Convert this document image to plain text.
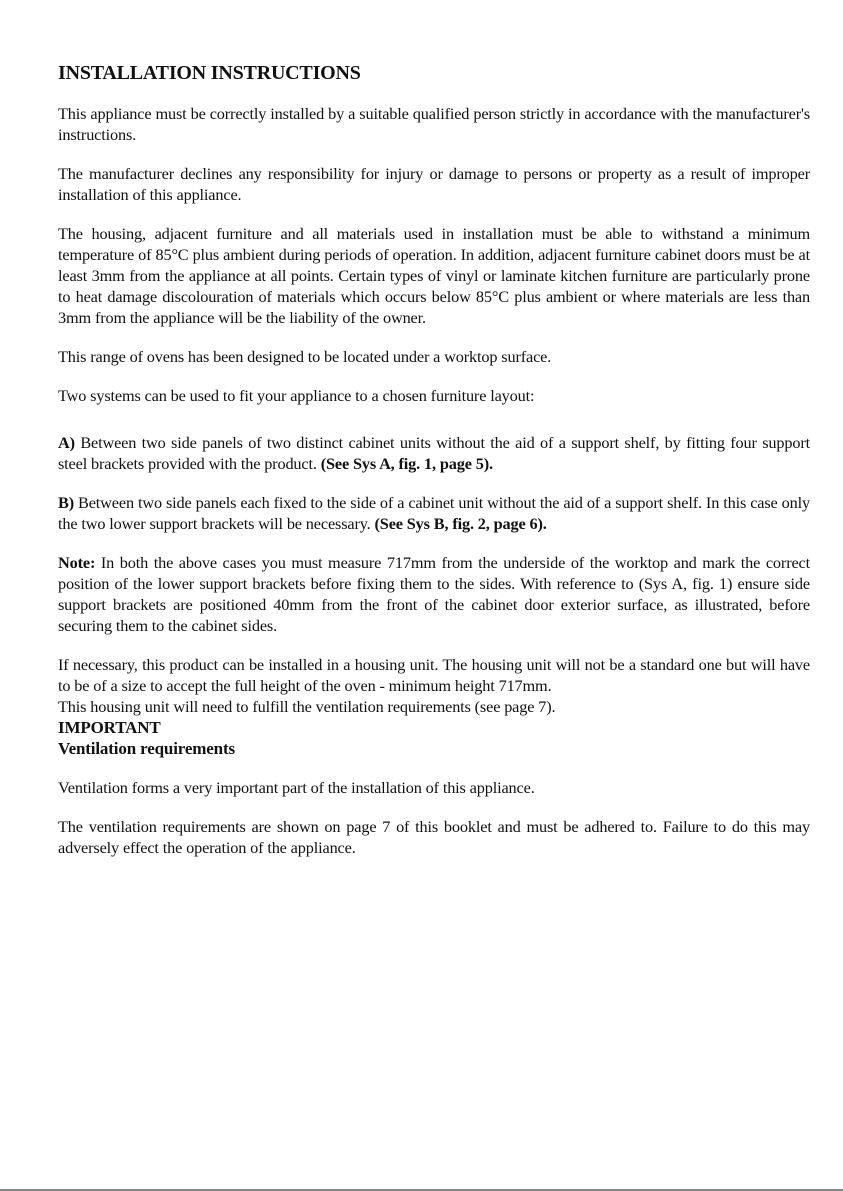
INSTALLATION INSTRUCTIONS

This appliance must be correctly installed by a suitable qualified person strictly in accordance with the manufacturer's instructions.

The manufacturer declines any responsibility for injury or damage to persons or property as a result of improper installation of this appliance.

The housing, adjacent furniture and all materials used in installation must be able to withstand a minimum temperature of 85°C plus ambient during periods of operation. In addition, adjacent furniture cabinet doors must be at least 3mm from the appliance at all points. Certain types of vinyl or laminate kitchen furniture are particularly prone to heat damage discolouration of materials which occurs below 85°C plus ambient or where materials are less than 3mm from the appliance will be the liability of the owner.

This range of ovens has been designed to be located under a worktop surface.

Two systems can be used to fit your appliance to a chosen furniture layout:

A) Between two side panels of two distinct cabinet units without the aid of a support shelf, by fitting four support steel brackets provided with the product. (See Sys A, fig. 1, page 5).

B) Between two side panels each fixed to the side of a cabinet unit without the aid of a support shelf. In this case only the two lower support brackets will be necessary. (See Sys B, fig. 2, page 6).

Note: In both the above cases you must measure 717mm from the underside of the worktop and mark the correct position of the lower support brackets before fixing them to the sides. With reference to (Sys A, fig. 1) ensure side support brackets are positioned 40mm from the front of the cabinet door exterior surface, as illustrated, before securing them to the cabinet sides.

If necessary, this product can be installed in a housing unit. The housing unit will not be a standard one but will have to be of a size to accept the full height of the oven - minimum height 717mm.

This housing unit will need to fulfill the ventilation requirements (see page 7).

IMPORTANT

Ventilation requirements

Ventilation forms a very important part of the installation of this appliance.

The ventilation requirements are shown on page 7 of this booklet and must be adhered to. Failure to do this may adversely effect the operation of the appliance.
